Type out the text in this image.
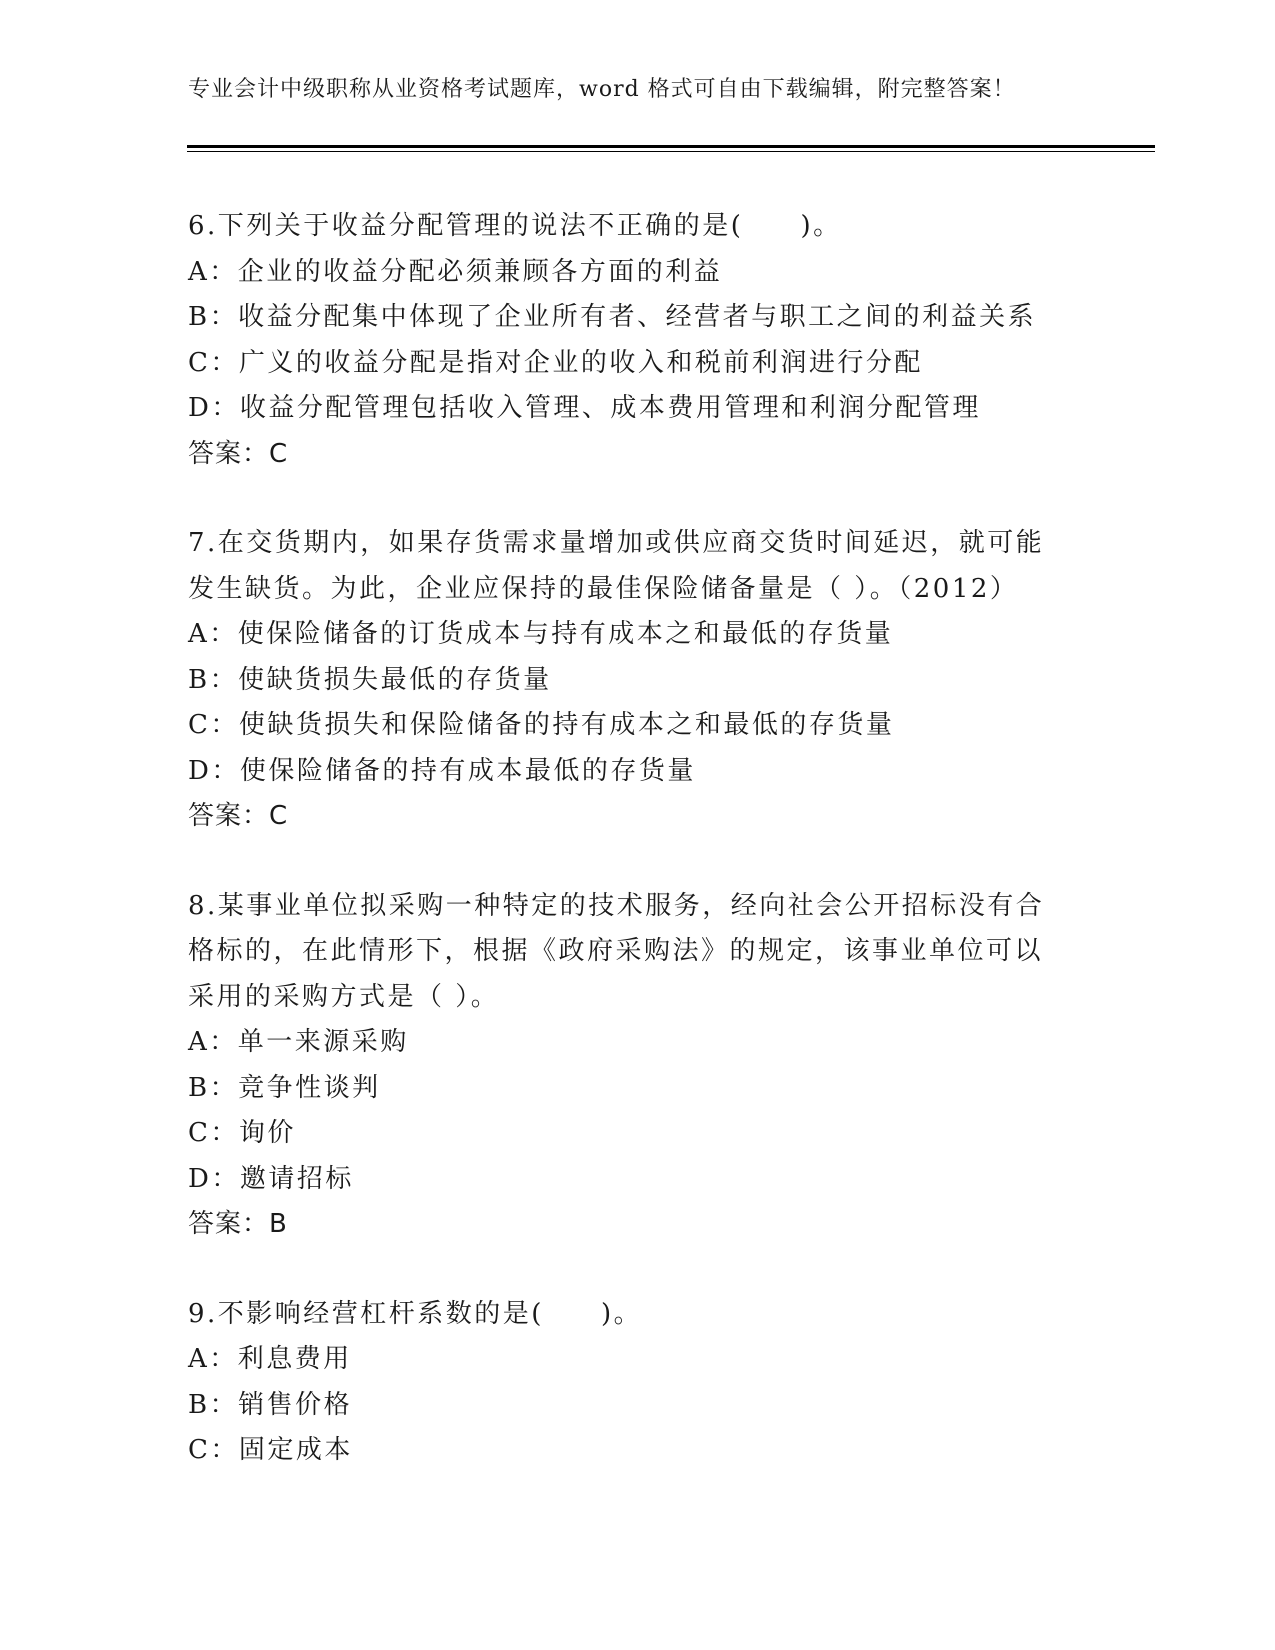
专业会计中级职称从业资格考试题库，word 格式可自由下载编辑，附完整答案！
6.下列关于收益分配管理的说法不正确的是(　　)。
A：企业的收益分配必须兼顾各方面的利益
B：收益分配集中体现了企业所有者、经营者与职工之间的利益关系
C：广义的收益分配是指对企业的收入和税前利润进行分配
D：收益分配管理包括收入管理、成本费用管理和利润分配管理
答案：C
7.在交货期内，如果存货需求量增加或供应商交货时间延迟，就可能
发生缺货。为此，企业应保持的最佳保险储备量是（ ）。（2012）
A：使保险储备的订货成本与持有成本之和最低的存货量
B：使缺货损失最低的存货量
C：使缺货损失和保险储备的持有成本之和最低的存货量
D：使保险储备的持有成本最低的存货量
答案：C
8.某事业单位拟采购一种特定的技术服务，经向社会公开招标没有合
格标的，在此情形下，根据《政府采购法》的规定，该事业单位可以
采用的采购方式是（ ）。
A：单一来源采购
B：竞争性谈判
C：询价
D：邀请招标
答案：B
9.不影响经营杠杆系数的是(　　)。
A：利息费用
B：销售价格
C：固定成本
